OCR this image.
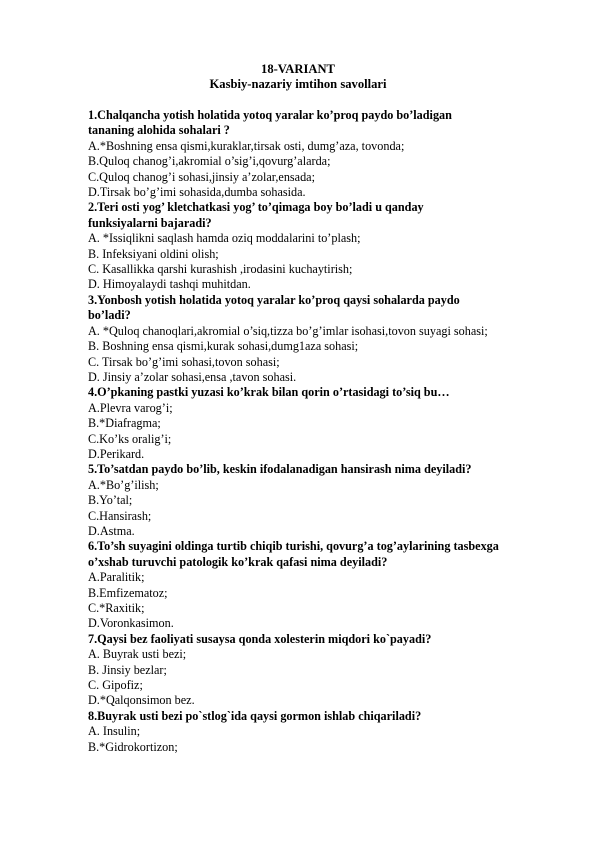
18-VARIANT
Kasbiy-nazariy imtihon savollari

1.Chalqancha yotish holatida yotoq yaralar ko’proq paydo bo’ladigan

tananing alohida sohalari ?

A.*Boshning ensa qismi,kuraklar,tirsak osti, dumg’aza, tovonda;

B.Quloq chanog’i,akromial o’sig’i,qovurg’alarda;

C.Quloq chanog’i sohasi,jinsiy a’zolar,ensada;

D.Tirsak bo’g’imi sohasida,dumba sohasida.

2.Teri osti yog’ kletchatkasi yog’ to’qimaga boy bo’ladi u qanday

funksiyalarni bajaradi?

A. *Issiqlikni saqlash hamda oziq moddalarini to’plash;

B. Infeksiyani oldini olish;

C. Kasallikka qarshi kurashish ,irodasini kuchaytirish;

D. Himoyalaydi tashqi muhitdan.

3.Yonbosh yotish holatida yotoq yaralar ko’proq qaysi sohalarda paydo

bo’ladi?

A. *Quloq chanoqlari,akromial o’siq,tizza bo’g’imlar isohasi,tovon suyagi sohasi;

B. Boshning ensa qismi,kurak sohasi,dumg1aza sohasi;

C. Tirsak bo’g’imi sohasi,tovon sohasi;

D. Jinsiy a’zolar sohasi,ensa ,tavon sohasi.

4.O’pkaning pastki yuzasi ko’krak bilan qorin o’rtasidagi to’siq bu…

A.Plevra varog’i;

B.*Diafragma;

C.Ko’ks oralig’i;

D.Perikard.

5.To’satdan paydo bo’lib, keskin ifodalanadigan hansirash nima deyiladi?

A.*Bo’g’ilish;

B.Yo’tal;

C.Hansirash;

D.Astma.

6.To’sh suyagini oldinga turtib chiqib turishi, qovurg’a tog’aylarining tasbexga

o’xshab turuvchi patologik ko’krak qafasi nima deyiladi?

A.Paralitik;

B.Emfizematoz;

C.*Raxitik;

D.Voronkasimon.

7.Qaysi bez faoliyati susaysa qonda xolesterin miqdori ko`payadi?

A. Buyrak usti bezi;

B. Jinsiy bezlar;

C. Gipofiz;

D.*Qalqonsimon bez.

8.Buyrak usti bezi po`stlog`ida qaysi gormon ishlab chiqariladi?

A. Insulin;

B.*Gidrokortizon;
